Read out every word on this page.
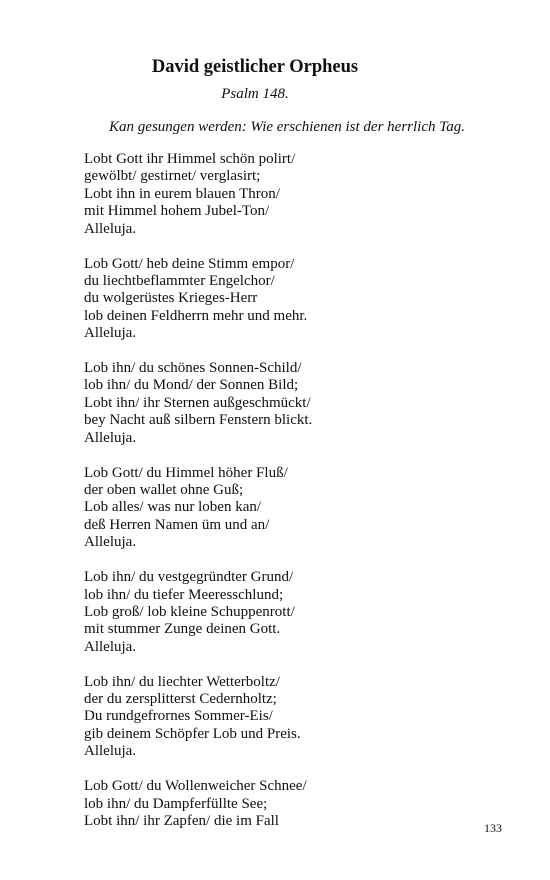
David geistlicher Orpheus
Psalm 148.
Kan gesungen werden: Wie erschienen ist der herrlich Tag.
Lobt Gott ihr Himmel schön polirt/
gewölbt/ gestirnet/ verglasirt;
Lobt ihn in eurem blauen Thron/
mit Himmel hohem Jubel-Ton/
Alleluja.
Lob Gott/ heb deine Stimm empor/
du liechtbeflammter Engelchor/
du wolgerüstes Krieges-Herr
lob deinen Feldherrn mehr und mehr.
Alleluja.
Lob ihn/ du schönes Sonnen-Schild/
lob ihn/ du Mond/ der Sonnen Bild;
Lobt ihn/ ihr Sternen außgeschmückt/
bey Nacht auß silbern Fenstern blickt.
Alleluja.
Lob Gott/ du Himmel höher Fluß/
der oben wallet ohne Guß;
Lob alles/ was nur loben kan/
deß Herren Namen üm und an/
Alleluja.
Lob ihn/ du vestgegründter Grund/
lob ihn/ du tiefer Meeresschlund;
Lob groß/ lob kleine Schuppenrott/
mit stummer Zunge deinen Gott.
Alleluja.
Lob ihn/ du liechter Wetterboltz/
der du zersplitterst Cedernholtz;
Du rundgefrornes Sommer-Eis/
gib deinem Schöpfer Lob und Preis.
Alleluja.
Lob Gott/ du Wollenweicher Schnee/
lob ihn/ du Dampferfüllte See;
Lobt ihn/ ihr Zapfen/ die im Fall	133
